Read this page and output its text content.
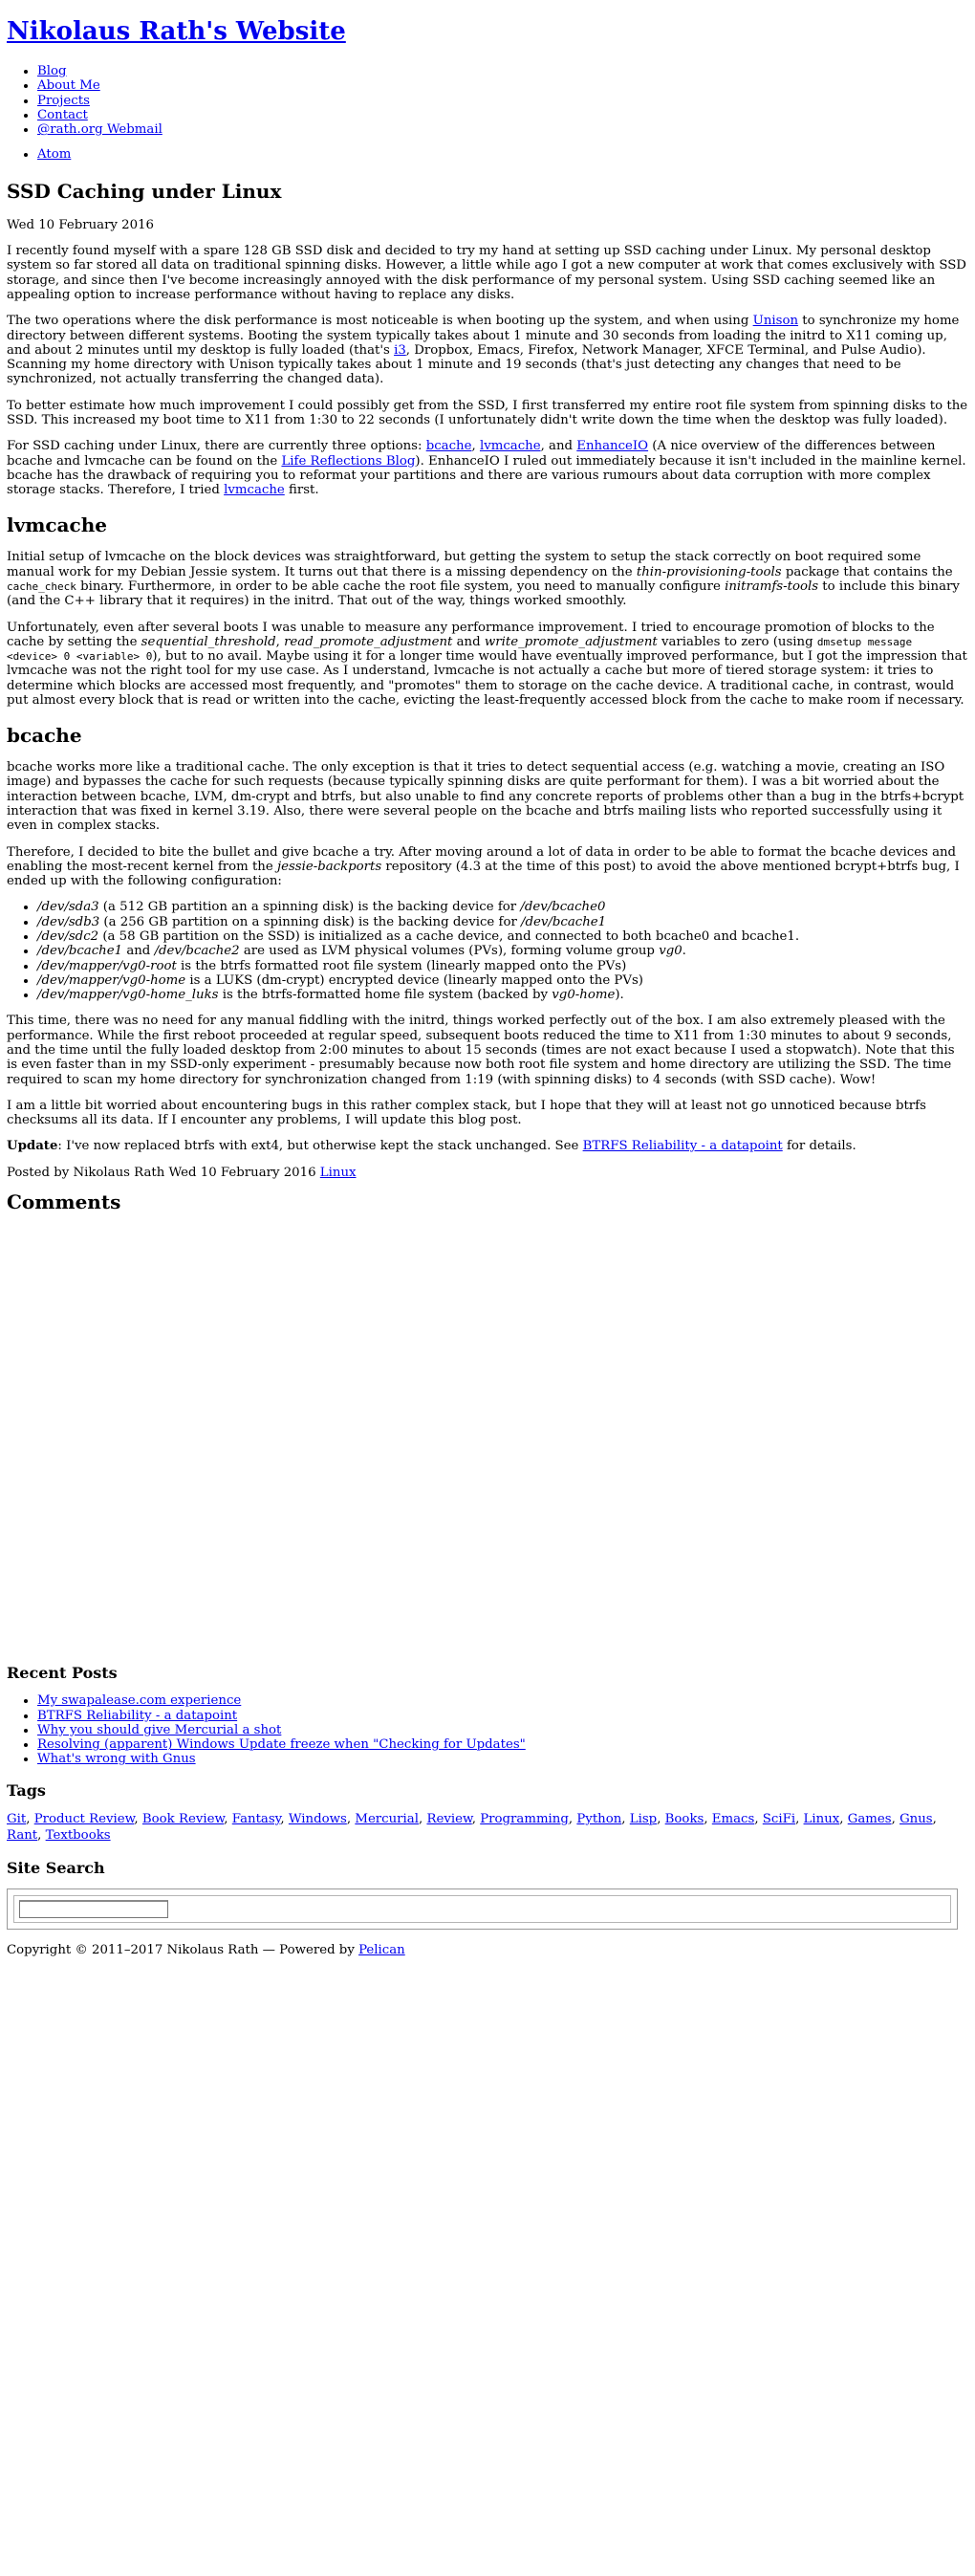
Nikolaus Rath's Website
• Blog
• About Me
• Projects
• Contact
• @rath.org Webmail
• Atom
SSD Caching under Linux
Wed 10 February 2016

I recently found myself with a spare 128 GB SSD disk and decided to try my hand at setting up SSD caching under Linux. My personal desktop system so far stored all data on traditional spinning disks. However, a little while ago I got a new computer at work that comes exclusively with SSD storage, and since then I've become increasingly annoyed with the disk performance of my personal system. Using SSD caching seemed like an appealing option to increase performance without having to replace any disks.

The two operations where the disk performance is most noticeable is when booting up the system, and when using Unison to synchronize my home directory between different systems. Booting the system typically takes about 1 minute and 30 seconds from loading the initrd to X11 coming up, and about 2 minutes until my desktop is fully loaded (that's i3, Dropbox, Emacs, Firefox, Network Manager, XFCE Terminal, and Pulse Audio). Scanning my home directory with Unison typically takes about 1 minute and 19 seconds (that's just detecting any changes that need to be synchronized, not actually transferring the changed data).

To better estimate how much improvement I could possibly get from the SSD, I first transferred my entire root file system from spinning disks to the SSD. This increased my boot time to X11 from 1:30 to 22 seconds (I unfortunately didn't write down the time when the desktop was fully loaded).

For SSD caching under Linux, there are currently three options: bcache, lvmcache, and EnhanceIO (A nice overview of the differences between bcache and lvmcache can be found on the Life Reflections Blog). EnhanceIO I ruled out immediately because it isn't included in the mainline kernel. bcache has the drawback of requiring you to reformat your partitions and there are various rumours about data corruption with more complex storage stacks. Therefore, I tried lvmcache first.

lvmcache

Initial setup of lvmcache on the block devices was straightforward, but getting the system to setup the stack correctly on boot required some manual work for my Debian Jessie system. It turns out that there is a missing dependency on the thin-provisioning-tools package that contains the cache_check binary. Furthermore, in order to be able cache the root file system, you need to manually configure initramfs-tools to include this binary (and the C++ library that it requires) in the initrd. That out of the way, things worked smoothly.

Unfortunately, even after several boots I was unable to measure any performance improvement. I tried to encourage promotion of blocks to the cache by setting the sequential_threshold, read_promote_adjustment and write_promote_adjustment variables to zero (using dmsetup message <device> 0 <variable> 0), but to no avail. Maybe using it for a longer time would have eventually improved performance, but I got the impression that lvmcache was not the right tool for my use case. As I understand, lvmcache is not actually a cache but more of tiered storage system: it tries to determine which blocks are accessed most frequently, and "promotes" them to storage on the cache device. A traditional cache, in contrast, would put almost every block that is read or written into the cache, evicting the least-frequently accessed block from the cache to make room if necessary.

bcache

bcache works more like a traditional cache. The only exception is that it tries to detect sequential access (e.g. watching a movie, creating an ISO image) and bypasses the cache for such requests (because typically spinning disks are quite performant for them). I was a bit worried about the interaction between bcache, LVM, dm-crypt and btrfs, but also unable to find any concrete reports of problems other than a bug in the btrfs+bcrypt interaction that was fixed in kernel 3.19. Also, there were several people on the bcache and btrfs mailing lists who reported successfully using it even in complex stacks.

Therefore, I decided to bite the bullet and give bcache a try. After moving around a lot of data in order to be able to format the bcache devices and enabling the most-recent kernel from the jessie-backports repository (4.3 at the time of this post) to avoid the above mentioned bcrypt+btrfs bug, I ended up with the following configuration:

• /dev/sda3 (a 512 GB partition an a spinning disk) is the backing device for /dev/bcache0
• /dev/sdb3 (a 256 GB partition on a spinning disk) is the backing device for /dev/bcache1
• /dev/sdc2 (a 58 GB partition on the SSD) is initialized as a cache device, and connected to both bcache0 and bcache1.
• /dev/bcache1 and /dev/bcache2 are used as LVM physical volumes (PVs), forming volume group vg0.
• /dev/mapper/vg0-root is the btrfs formatted root file system (linearly mapped onto the PVs)
• /dev/mapper/vg0-home is a LUKS (dm-crypt) encrypted device (linearly mapped onto the PVs)
• /dev/mapper/vg0-home_luks is the btrfs-formatted home file system (backed by vg0-home).

This time, there was no need for any manual fiddling with the initrd, things worked perfectly out of the box. I am also extremely pleased with the performance. While the first reboot proceeded at regular speed, subsequent boots reduced the time to X11 from 1:30 minutes to about 9 seconds, and the time until the fully loaded desktop from 2:00 minutes to about 15 seconds (times are not exact because I used a stopwatch). Note that this is even faster than in my SSD-only experiment - presumably because now both root file system and home directory are utilizing the SSD. The time required to scan my home directory for synchronization changed from 1:19 (with spinning disks) to 4 seconds (with SSD cache). Wow!

I am a little bit worried about encountering bugs in this rather complex stack, but I hope that they will at least not go unnoticed because btrfs checksums all its data. If I encounter any problems, I will update this blog post.

Update: I've now replaced btrfs with ext4, but otherwise kept the stack unchanged. See BTRFS Reliability - a datapoint for details.

Posted by Nikolaus Rath Wed 10 February 2016 Linux

Comments
Recent Posts
• My swapalease.com experience
• BTRFS Reliability - a datapoint
• Why you should give Mercurial a shot
• Resolving (apparent) Windows Update freeze when "Checking for Updates"
• What's wrong with Gnus
Tags
Git, Product Review, Book Review, Fantasy, Windows, Mercurial, Review, Programming, Python, Lisp, Books, Emacs, SciFi, Linux, Games, Gnus, Rant, Textbooks
Site Search

Copyright © 2011–2017 Nikolaus Rath — Powered by Pelican
